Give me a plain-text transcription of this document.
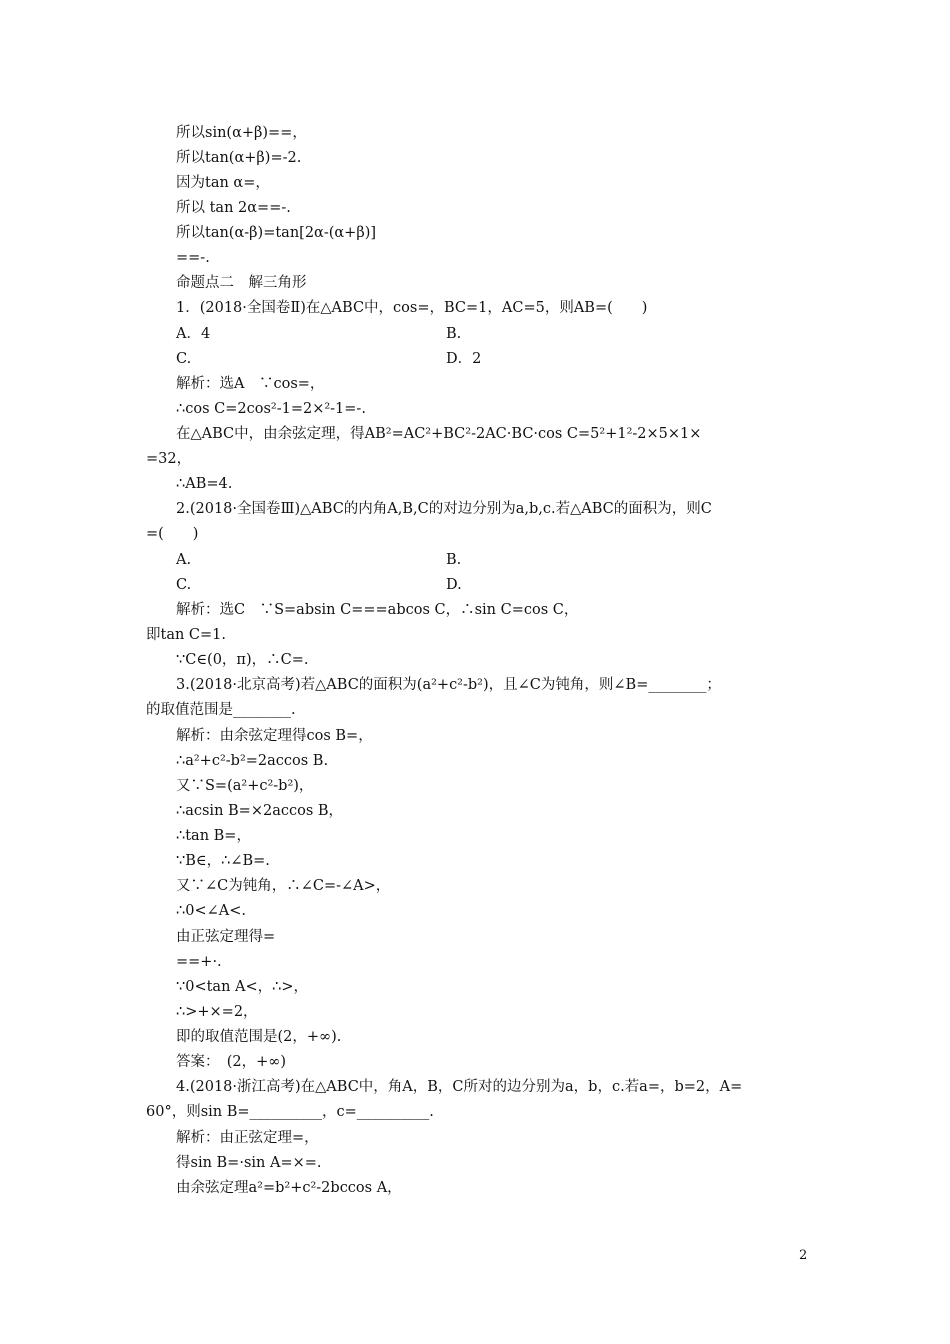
所以sin(α+β)==，
所以tan(α+β)=-2.
因为tan α=，
所以 tan 2α==-.
所以tan(α-β)=tan[2α-(α+β)]
==-.
命题点二　解三角形
1．(2018·全国卷Ⅱ)在△ABC中，cos=，BC=1，AC=5，则AB=(　　)
A．4	B.
C.	D．2
解析：选A　∵cos=，
∴cos C=2cos²-1=2×²-1=-.
在△ABC中，由余弦定理，得AB²=AC²+BC²-2AC·BC·cos C=5²+1²-2×5×1×
=32，
∴AB=4.
2.(2018·全国卷Ⅲ)△ABC的内角A,B,C的对边分别为a,b,c.若△ABC的面积为，则C
=(　　)
A.	B.
C.	D.
解析：选C　∵S=absin C===abcos C，∴sin C=cos C，
即tan C=1.
∵C∈(0，π)，∴C=.
3.(2018·北京高考)若△ABC的面积为(a²+c²-b²)，且∠C为钝角，则∠B=________；
的取值范围是________.
解析：由余弦定理得cos B=，
∴a²+c²-b²=2accos B.
又∵S=(a²+c²-b²)，
∴acsin B=×2accos B，
∴tan B=，
∵B∈，∴∠B=.
又∵∠C为钝角，∴∠C=-∠A>，
∴0<∠A<.
由正弦定理得=
==+·.
∵0<tan A<，∴>，
∴>+×=2，
即的取值范围是(2，+∞).
答案：　(2，+∞)
4.(2018·浙江高考)在△ABC中，角A，B，C所对的边分别为a，b，c.若a=，b=2，A=
60°，则sin B=__________，c=__________.
解析：由正弦定理=，
得sin B=·sin A=×=.
由余弦定理a²=b²+c²-2bccos A，
2
